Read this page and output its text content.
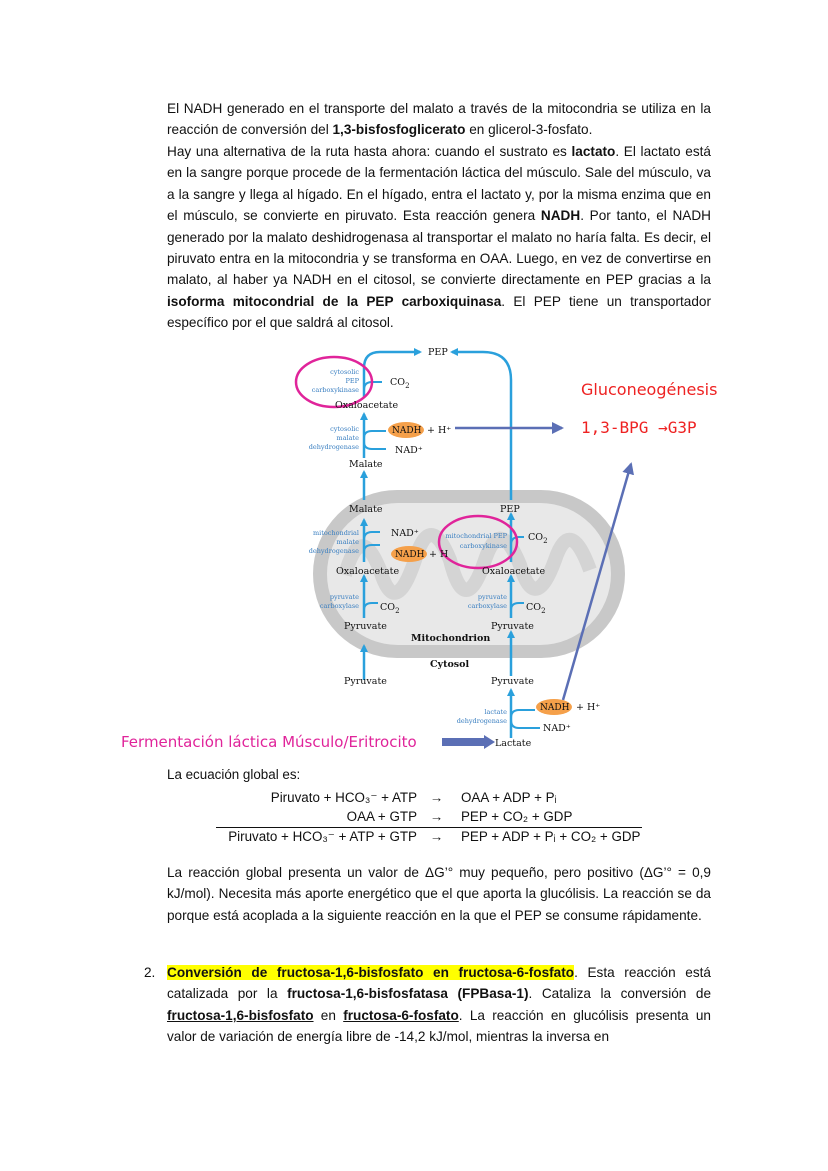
El NADH generado en el transporte del malato a través de la mitocondria se utiliza en la reacción de conversión del 1,3-bisfosfoglicerato en glicerol-3-fosfato.

Hay una alternativa de la ruta hasta ahora: cuando el sustrato es lactato. El lactato está en la sangre porque procede de la fermentación láctica del músculo. Sale del músculo, va a la sangre y llega al hígado. En el hígado, entra el lactato y, por la misma enzima que en el músculo, se convierte en piruvato. Esta reacción genera NADH. Por tanto, el NADH generado por la malato deshidrogenasa al transportar el malato no haría falta. Es decir, el piruvato entra en la mitocondria y se transforma en OAA. Luego, en vez de convertirse en malato, al haber ya NADH en el citosol, se convierte directamente en PEP gracias a la isoforma mitocondrial de la PEP carboxiquinasa. El PEP tiene un transportador específico por el que saldrá al citosol.

PEP
$CO_2$
Oxaloacetate
NADH + H⁺
NAD⁺
Malate
Malate	PEP
NAD⁺
NADH + H
$CO_2$
Oxaloacetate	Oxaloacetate
$CO_2$	$CO_2$
Pyruvate	Pyruvate
Mitochondrion
Cytosol
Pyruvate	Pyruvate
NADH + H⁺
NAD⁺
Lactate
cytosolic
PEP
carboxykinase
cytosolic
malate
dehydrogenase
mitochondrial
malate
dehydrogenase
mitochondrial PEP
carboxykinase
pyruvate
carboxylase
pyruvate
carboxylase
lactate
dehydrogenase
Gluconeogénesis
1,3-BPG →G3P
Fermentación láctica Músculo/Eritrocito
La ecuación global es:
Piruvato + HCO₃⁻ + ATP → OAA + ADP + Pᵢ
OAA + GTP → PEP + CO₂ + GDP
Piruvato + HCO₃⁻ + ATP + GTP → PEP + ADP + Pᵢ + CO₂ + GDP

La reacción global presenta un valor de ΔG’° muy pequeño, pero positivo (ΔG’° = 0,9 kJ/mol). Necesita más aporte energético que el que aporta la glucólisis. La reacción se da porque está acoplada a la siguiente reacción en la que el PEP se consume rápidamente.

2. Conversión de fructosa-1,6-bisfosfato en fructosa-6-fosfato. Esta reacción está catalizada por la fructosa-1,6-bisfosfatasa (FPBasa-1). Cataliza la conversión de fructosa-1,6-bisfosfato en fructosa-6-fosfato. La reacción en glucólisis presenta un valor de variación de energía libre de -14,2 kJ/mol, mientras la inversa en
